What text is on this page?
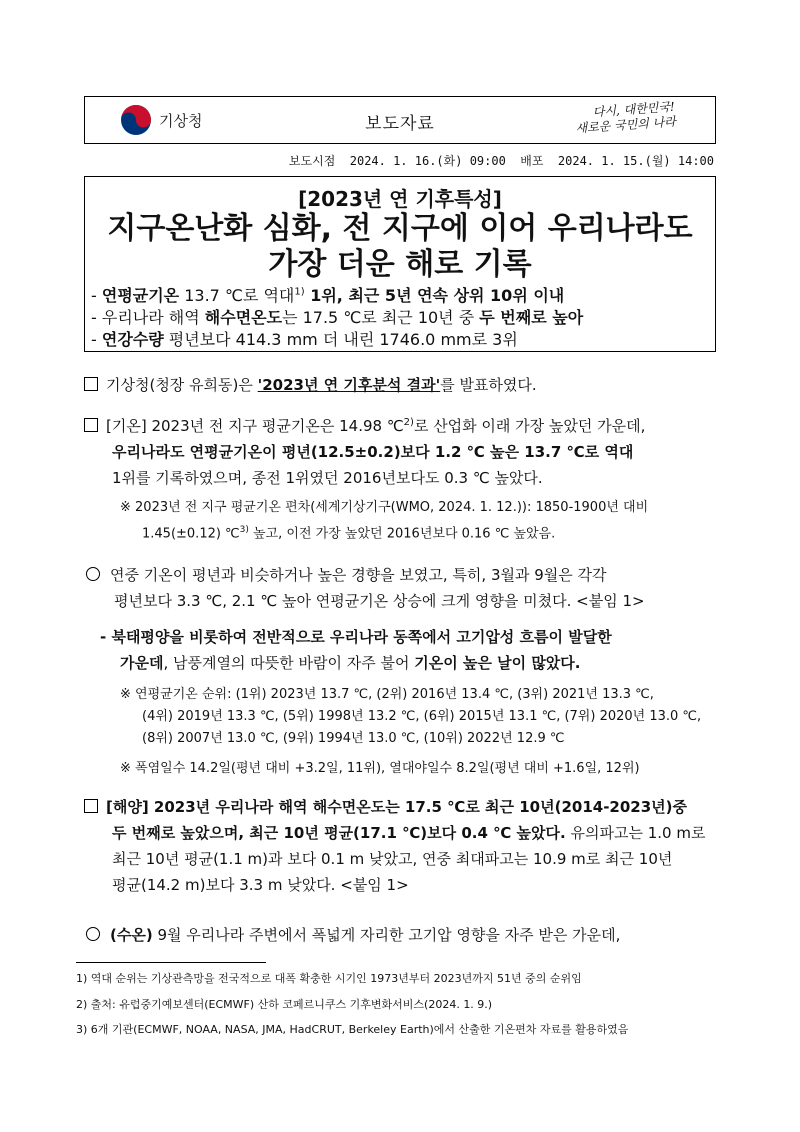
기상청	보도자료
다시, 대한민국!
새로운 국민의 나라
보도시점  2024. 1. 16.(화) 09:00  배포  2024. 1. 15.(월) 14:00
[2023년 연 기후특성]
지구온난화 심화, 전 지구에 이어 우리나라도
가장 더운 해로 기록
- 연평균기온 13.7 ℃로 역대$^{1)}$ 1위, 최근 5년 연속 상위 10위 이내
- 우리나라 해역 해수면온도는 17.5 ℃로 최근 10년 중 두 번째로 높아
- 연강수량 평년보다 414.3 mm 더 내린 1746.0 mm로 3위
기상청(청장 유희동)은 '2023년 연 기후분석 결과'를 발표하였다.
[기온] 2023년 전 지구 평균기온은 14.98 ℃$^{2)}$로 산업화 이래 가장 높았던 가운데,
우리나라도 연평균기온이 평년(12.5±0.2)보다 1.2 ℃ 높은 13.7 ℃로 역대
1위를 기록하였으며, 종전 1위였던 2016년보다도 0.3 ℃ 높았다.
※ 2023년 전 지구 평균기온 편차(세계기상기구(WMO, 2024. 1. 12.)): 1850-1900년 대비
1.45(±0.12) ℃$^{3)}$ 높고, 이전 가장 높았던 2016년보다 0.16 ℃ 높았음.
연중 기온이 평년과 비슷하거나 높은 경향을 보였고, 특히, 3월과 9월은 각각
평년보다 3.3 ℃, 2.1 ℃ 높아 연평균기온 상승에 크게 영향을 미쳤다. <붙임 1>
- 북태평양을 비롯하여 전반적으로 우리나라 동쪽에서 고기압성 흐름이 발달한
가운데, 남풍계열의 따뜻한 바람이 자주 불어 기온이 높은 날이 많았다.
※ 연평균기온 순위: (1위) 2023년 13.7 ℃, (2위) 2016년 13.4 ℃, (3위) 2021년 13.3 ℃,
(4위) 2019년 13.3 ℃, (5위) 1998년 13.2 ℃, (6위) 2015년 13.1 ℃, (7위) 2020년 13.0 ℃,
(8위) 2007년 13.0 ℃, (9위) 1994년 13.0 ℃, (10위) 2022년 12.9 ℃
※ 폭염일수 14.2일(평년 대비 +3.2일, 11위), 열대야일수 8.2일(평년 대비 +1.6일, 12위)
[해양] 2023년 우리나라 해역 해수면온도는 17.5 ℃로 최근 10년(2014-2023년)중
두 번째로 높았으며, 최근 10년 평균(17.1 ℃)보다 0.4 ℃ 높았다. 유의파고는 1.0 m로
최근 10년 평균(1.1 m)과 보다 0.1 m 낮았고, 연중 최대파고는 10.9 m로 최근 10년
평균(14.2 m)보다 3.3 m 낮았다. <붙임 1>
(수온) 9월 우리나라 주변에서 폭넓게 자리한 고기압 영향을 자주 받은 가운데,
1) 역대 순위는 기상관측망을 전국적으로 대폭 확충한 시기인 1973년부터 2023년까지 51년 중의 순위임
2) 출처: 유럽중기예보센터(ECMWF) 산하 코페르니쿠스 기후변화서비스(2024. 1. 9.)
3) 6개 기관(ECMWF, NOAA, NASA, JMA, HadCRUT, Berkeley Earth)에서 산출한 기온편차 자료를 활용하였음
